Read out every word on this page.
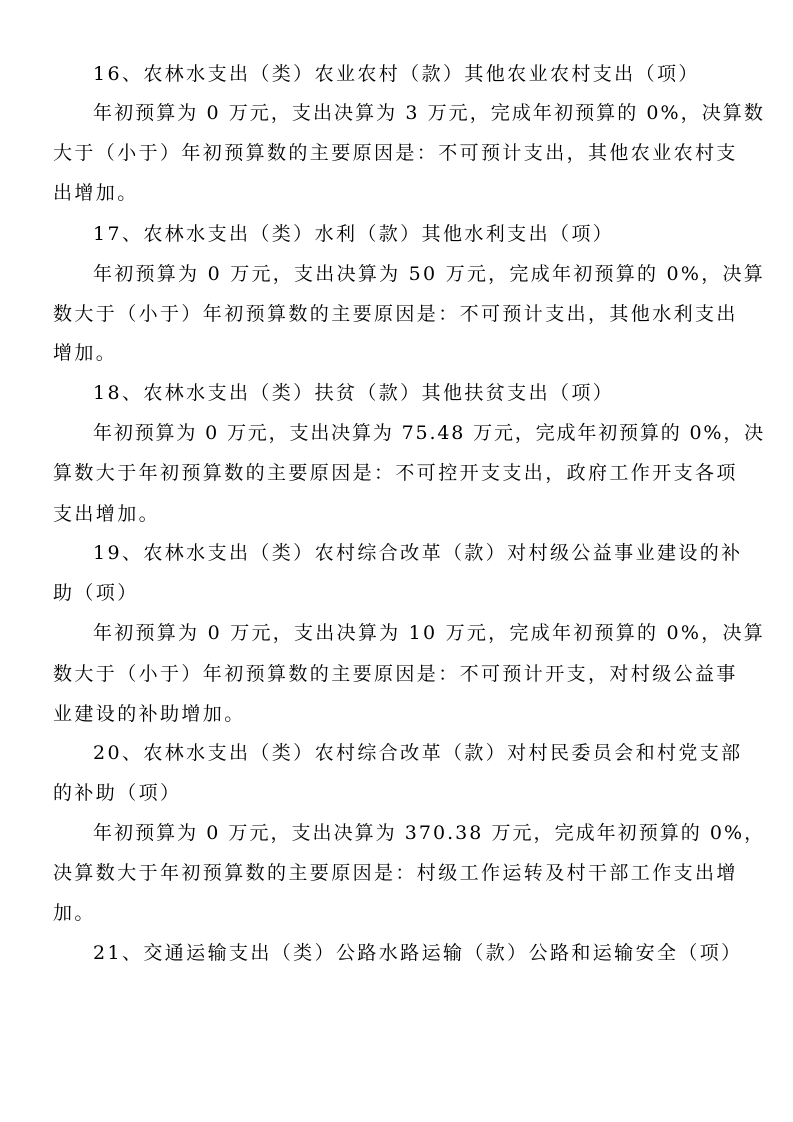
16、农林水支出（类）农业农村（款）其他农业农村支出（项）
年初预算为 0 万元，支出决算为 3 万元，完成年初预算的 0%，决算数
大于（小于）年初预算数的主要原因是：不可预计支出，其他农业农村支
出增加。
17、农林水支出（类）水利（款）其他水利支出（项）
年初预算为 0 万元，支出决算为 50 万元，完成年初预算的 0%，决算
数大于（小于）年初预算数的主要原因是：不可预计支出，其他水利支出
增加。
18、农林水支出（类）扶贫（款）其他扶贫支出（项）
年初预算为 0 万元，支出决算为 75.48 万元，完成年初预算的 0%，决
算数大于年初预算数的主要原因是：不可控开支支出，政府工作开支各项
支出增加。
19、农林水支出（类）农村综合改革（款）对村级公益事业建设的补
助（项）
年初预算为 0 万元，支出决算为 10 万元，完成年初预算的 0%，决算
数大于（小于）年初预算数的主要原因是：不可预计开支，对村级公益事
业建设的补助增加。
20、农林水支出（类）农村综合改革（款）对村民委员会和村党支部
的补助（项）
年初预算为 0 万元，支出决算为 370.38 万元，完成年初预算的 0%，
决算数大于年初预算数的主要原因是：村级工作运转及村干部工作支出增
加。
21、交通运输支出（类）公路水路运输（款）公路和运输安全（项）
